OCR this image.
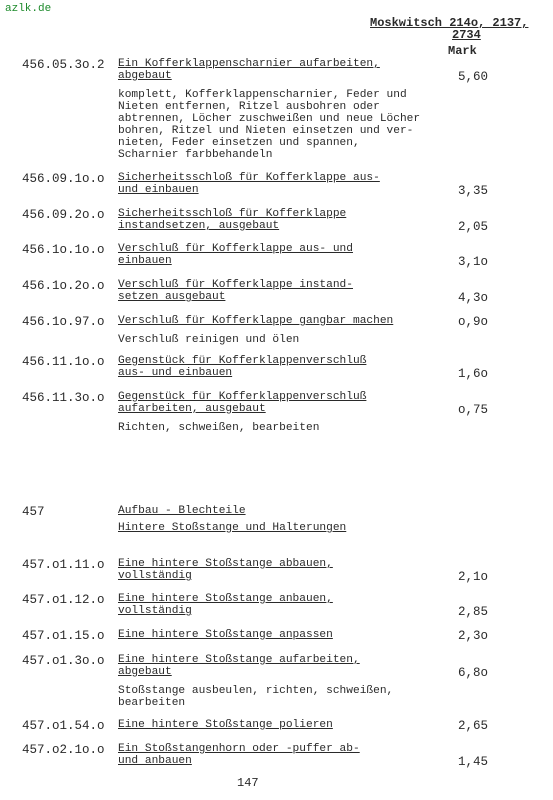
azlk.de
Moskwitsch 214o, 2137,
2734
Mark
456.05.3o.2 Ein Kofferklappenscharnier aufarbeiten,
abgebaut	5,60
komplett, Kofferklappenscharnier, Feder und
Nieten entfernen, Ritzel ausbohren oder
abtrennen, Löcher zuschweißen und neue Löcher
bohren, Ritzel und Nieten einsetzen und ver-
nieten, Feder einsetzen und spannen,
Scharnier farbbehandeln
456.09.1o.o Sicherheitsschloß für Kofferklappe aus-
und einbauen	3,35
456.09.2o.o Sicherheitsschloß für Kofferklappe
instandsetzen, ausgebaut	2,05
456.1o.1o.o Verschluß für Kofferklappe aus- und
einbauen	3,1o
456.1o.2o.o Verschluß für Kofferklappe instand-
setzen ausgebaut	4,3o
456.1o.97.o Verschluß für Kofferklappe gangbar machen	o,9o
Verschluß reinigen und ölen
456.11.1o.o Gegenstück für Kofferklappenverschluß
aus- und einbauen	1,6o
456.11.3o.o Gegenstück für Kofferklappenverschluß
aufarbeiten, ausgebaut	o,75
Richten, schweißen, bearbeiten
457	Aufbau - Blechteile
Hintere Stoßstange und Halterungen
457.o1.11.o Eine hintere Stoßstange abbauen,
vollständig	2,1o
457.o1.12.o Eine hintere Stoßstange anbauen,
vollständig	2,85
457.o1.15.o Eine hintere Stoßstange anpassen	2,3o
457.o1.3o.o Eine hintere Stoßstange aufarbeiten,
abgebaut	6,8o
Stoßstange ausbeulen, richten, schweißen,
bearbeiten
457.o1.54.o Eine hintere Stoßstange polieren	2,65
457.o2.1o.o Ein Stoßstangenhorn oder -puffer ab-
und anbauen	1,45
147
